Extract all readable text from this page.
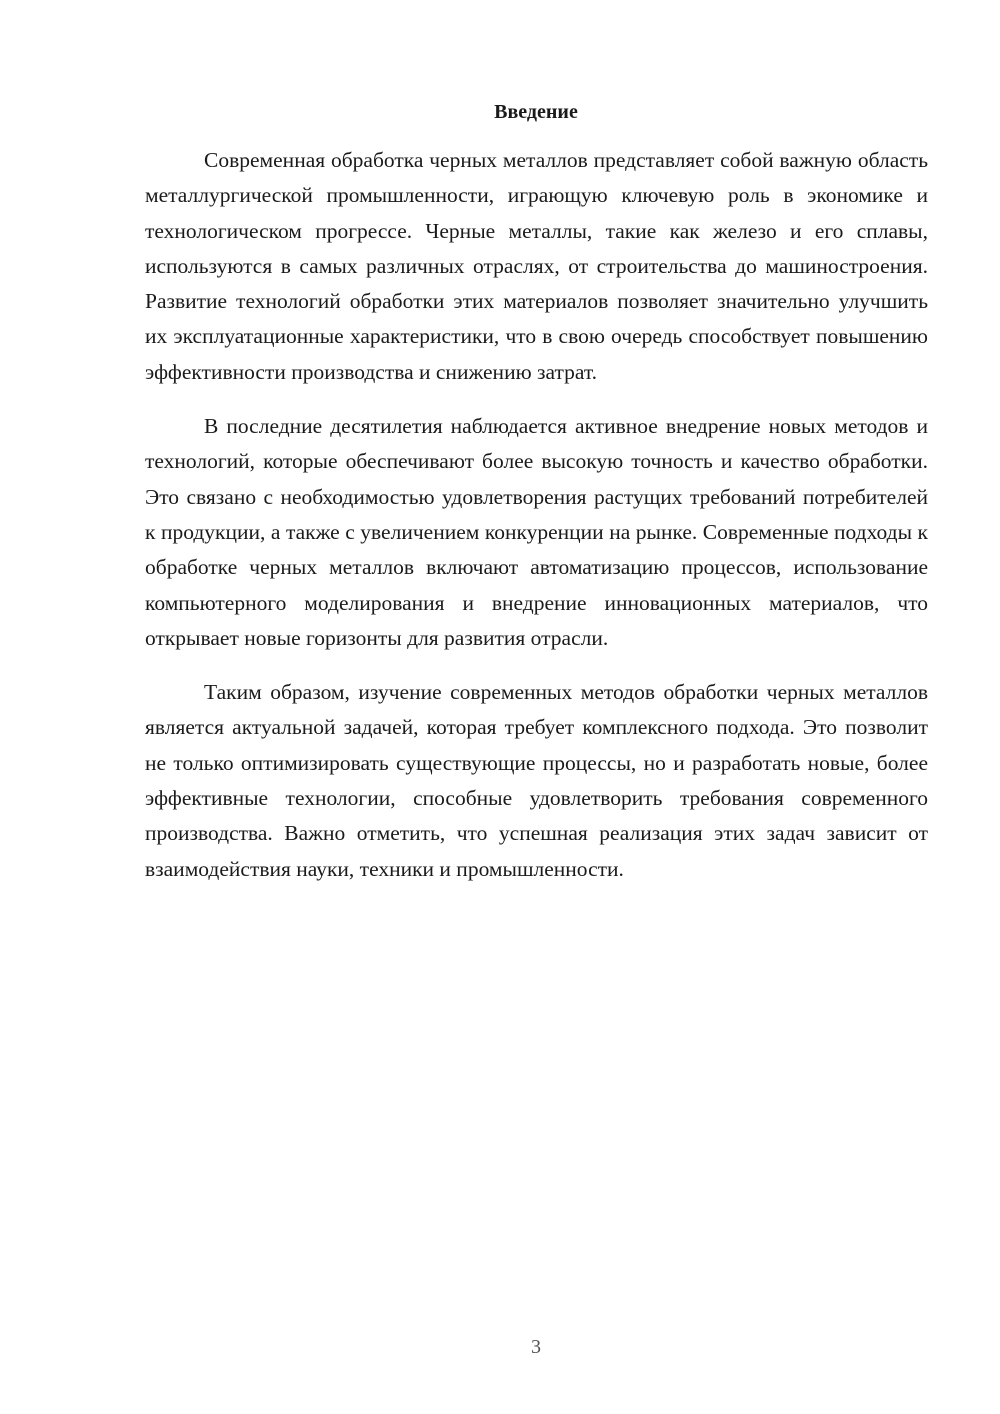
Введение

Современная обработка черных металлов представляет собой важную область металлургической промышленности, играющую ключевую роль в экономике и технологическом прогрессе. Черные металлы, такие как железо и его сплавы, используются в самых различных отраслях, от строительства до машиностроения. Развитие технологий обработки этих материалов позволяет значительно улучшить их эксплуатационные характеристики, что в свою очередь способствует повышению эффективности производства и снижению затрат.

В последние десятилетия наблюдается активное внедрение новых методов и технологий, которые обеспечивают более высокую точность и качество обработки. Это связано с необходимостью удовлетворения растущих требований потребителей к продукции, а также с увеличением конкуренции на рынке. Современные подходы к обработке черных металлов включают автоматизацию процессов, использование компьютерного моделирования и внедрение инновационных материалов, что открывает новые горизонты для развития отрасли.

Таким образом, изучение современных методов обработки черных металлов является актуальной задачей, которая требует комплексного подхода. Это позволит не только оптимизировать существующие процессы, но и разработать новые, более эффективные технологии, способные удовлетворить требования современного производства. Важно отметить, что успешная реализация этих задач зависит от взаимодействия науки, техники и промышленности.

3
